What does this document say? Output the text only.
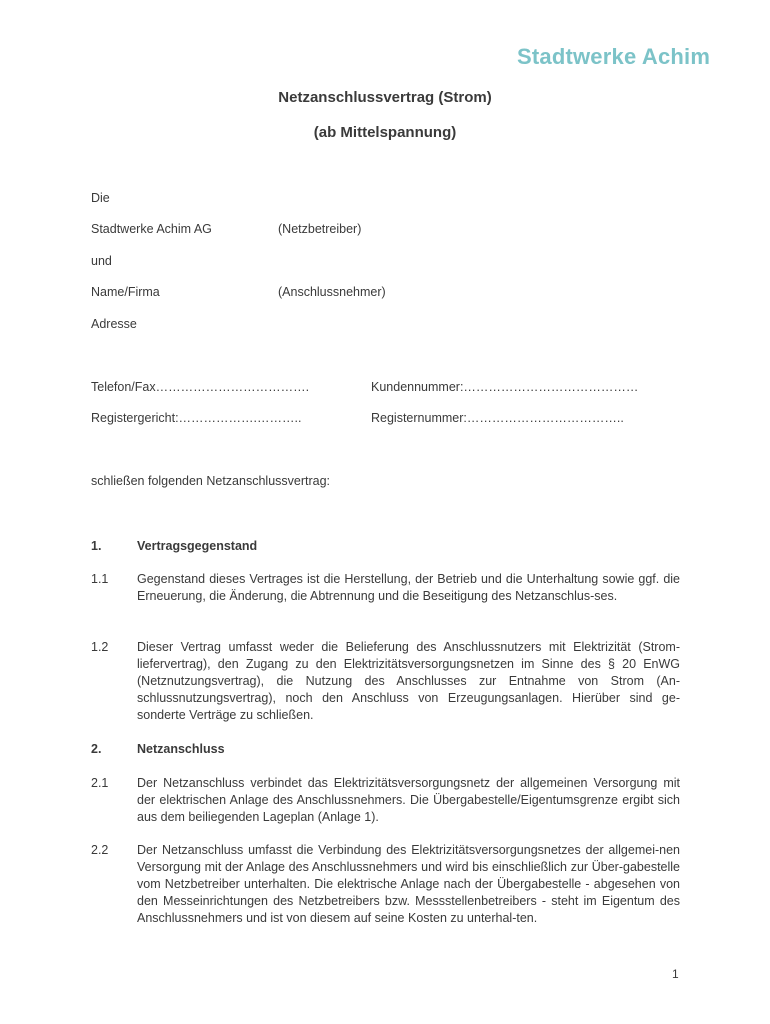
Stadtwerke Achim
Netzanschlussvertrag (Strom)
(ab Mittelspannung)
Die
Stadtwerke Achim AG	(Netzbetreiber)
und
Name/Firma	(Anschlussnehmer)
Adresse
Telefon/Fax……………………………….	Kundennummer:……………………………………
Registergericht:……………….………..	Registernummer:………………………………..
schließen folgenden Netzanschlussvertrag:
1.	Vertragsgegenstand
1.1 Gegenstand dieses Vertrages ist die Herstellung, der Betrieb und die Unterhaltung sowie ggf. die Erneuerung, die Änderung, die Abtrennung und die Beseitigung des Netzanschlus-ses.
1.2 Dieser Vertrag umfasst weder die Belieferung des Anschlussnutzers mit Elektrizität (Strom-liefervertrag), den Zugang zu den Elektrizitätsversorgungsnetzen im Sinne des § 20 EnWG (Netznutzungsvertrag), die Nutzung des Anschlusses zur Entnahme von Strom (An-schlussnutzungsvertrag), noch den Anschluss von Erzeugungsanlagen. Hierüber sind ge-sonderte Verträge zu schließen.
2.	Netzanschluss
2.1 Der Netzanschluss verbindet das Elektrizitätsversorgungsnetz der allgemeinen Versorgung mit der elektrischen Anlage des Anschlussnehmers. Die Übergabestelle/Eigentumsgrenze ergibt sich aus dem beiliegenden Lageplan (Anlage 1).
2.2 Der Netzanschluss umfasst die Verbindung des Elektrizitätsversorgungsnetzes der allgemei-nen Versorgung mit der Anlage des Anschlussnehmers und wird bis einschließlich zur Über-gabestelle vom Netzbetreiber unterhalten. Die elektrische Anlage nach der Übergabestelle - abgesehen von den Messeinrichtungen des Netzbetreibers bzw. Messstellenbetreibers - steht im Eigentum des Anschlussnehmers und ist von diesem auf seine Kosten zu unterhal-ten.
1
